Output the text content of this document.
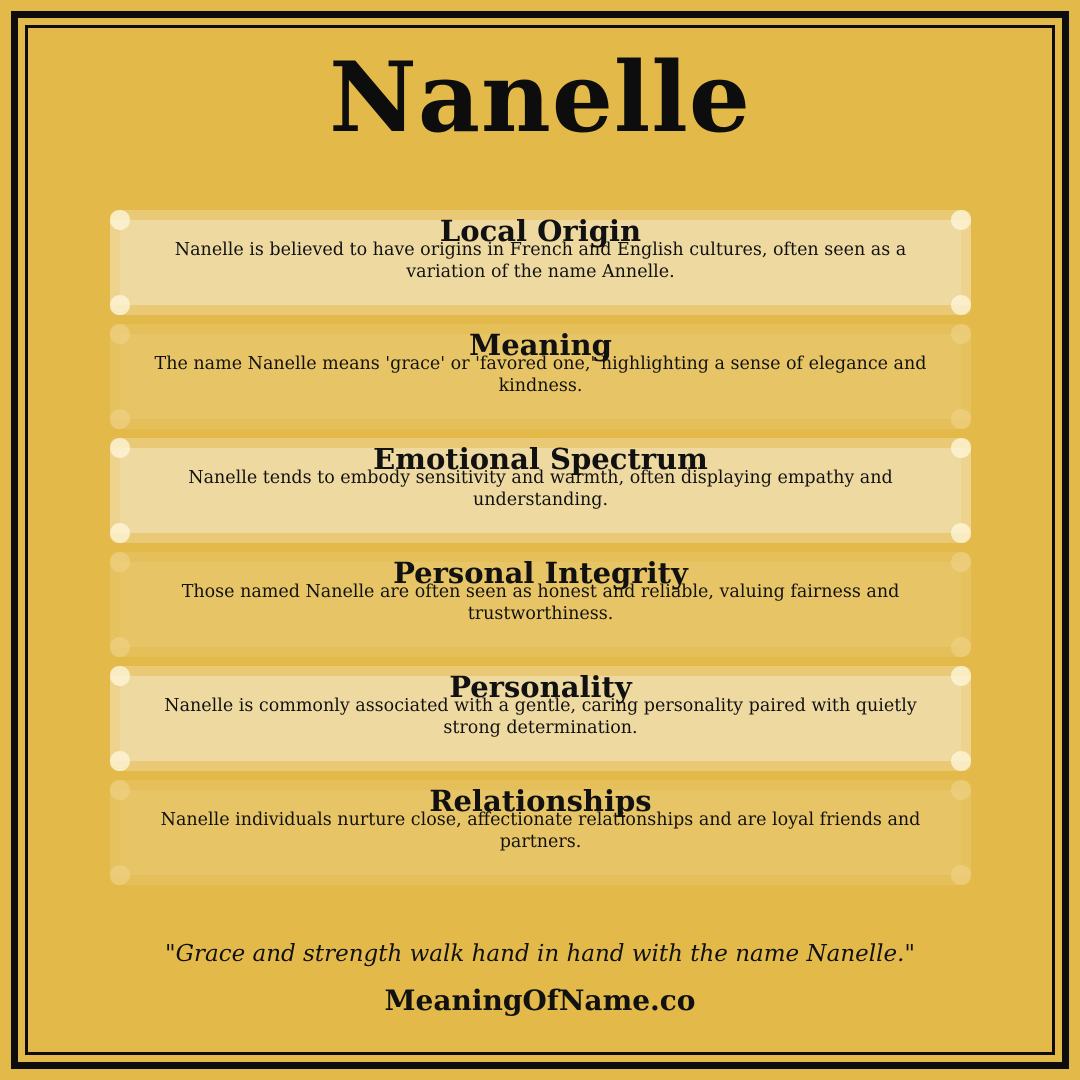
Nanelle
Local Origin
Nanelle is believed to have origins in French and English cultures, often seen as a variation of the name Annelle.
Meaning
The name Nanelle means 'grace' or 'favored one,' highlighting a sense of elegance and kindness.
Emotional Spectrum
Nanelle tends to embody sensitivity and warmth, often displaying empathy and understanding.
Personal Integrity
Those named Nanelle are often seen as honest and reliable, valuing fairness and trustworthiness.
Personality
Nanelle is commonly associated with a gentle, caring personality paired with quietly strong determination.
Relationships
Nanelle individuals nurture close, affectionate relationships and are loyal friends and partners.
"Grace and strength walk hand in hand with the name Nanelle."
MeaningOfName.co
